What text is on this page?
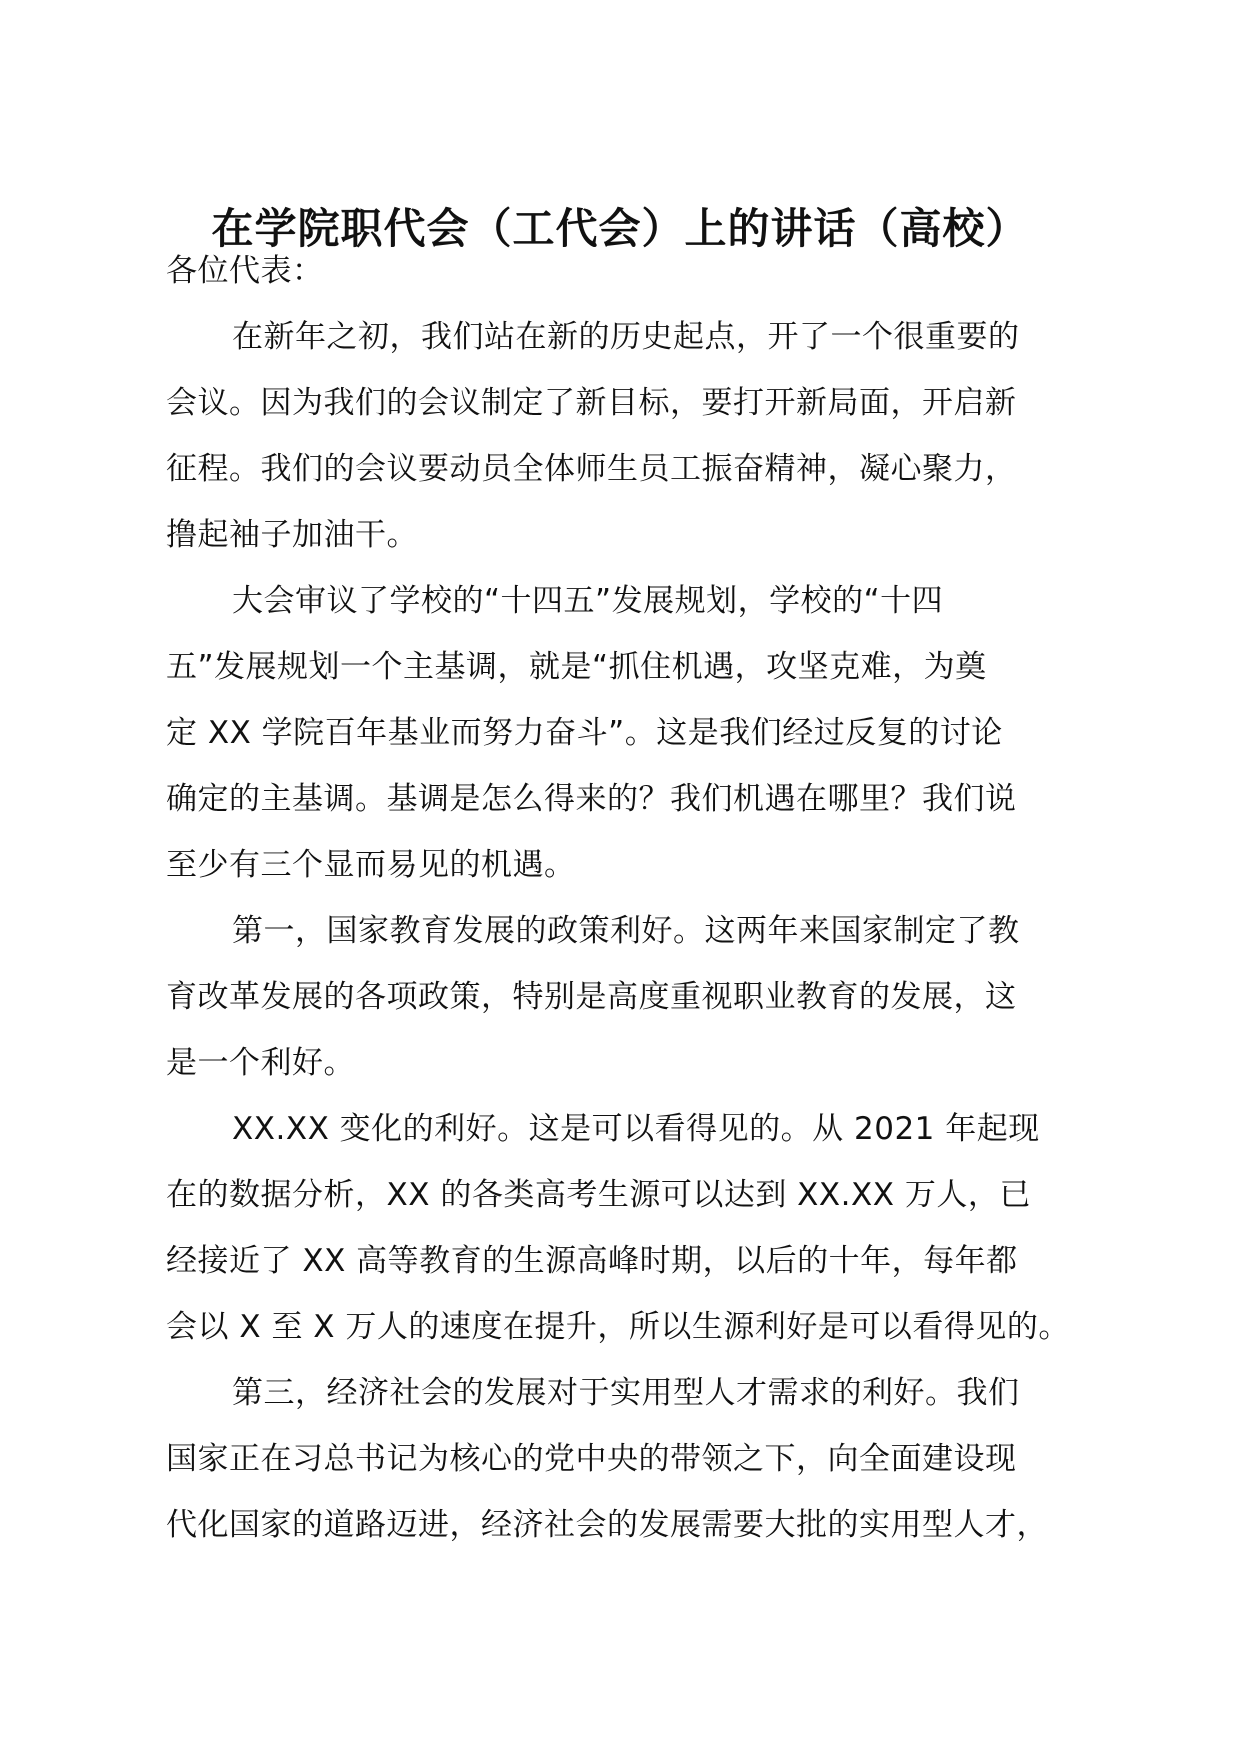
在学院职代会（工代会）上的讲话（高校）
各位代表：
在新年之初，我们站在新的历史起点，开了一个很重要的
会议。因为我们的会议制定了新目标，要打开新局面，开启新
征程。我们的会议要动员全体师生员工振奋精神，凝心聚力，
撸起袖子加油干。
大会审议了学校的“十四五”发展规划，学校的“十四
五”发展规划一个主基调，就是“抓住机遇，攻坚克难，为奠
定 XX 学院百年基业而努力奋斗”。这是我们经过反复的讨论
确定的主基调。基调是怎么得来的？我们机遇在哪里？我们说
至少有三个显而易见的机遇。
第一，国家教育发展的政策利好。这两年来国家制定了教
育改革发展的各项政策，特别是高度重视职业教育的发展，这
是一个利好。
XX.XX 变化的利好。这是可以看得见的。从 2021 年起现
在的数据分析，XX 的各类高考生源可以达到 XX.XX 万人，已
经接近了 XX 高等教育的生源高峰时期，以后的十年，每年都
会以 X 至 X 万人的速度在提升，所以生源利好是可以看得见的。
第三，经济社会的发展对于实用型人才需求的利好。我们
国家正在习总书记为核心的党中央的带领之下，向全面建设现
代化国家的道路迈进，经济社会的发展需要大批的实用型人才，
